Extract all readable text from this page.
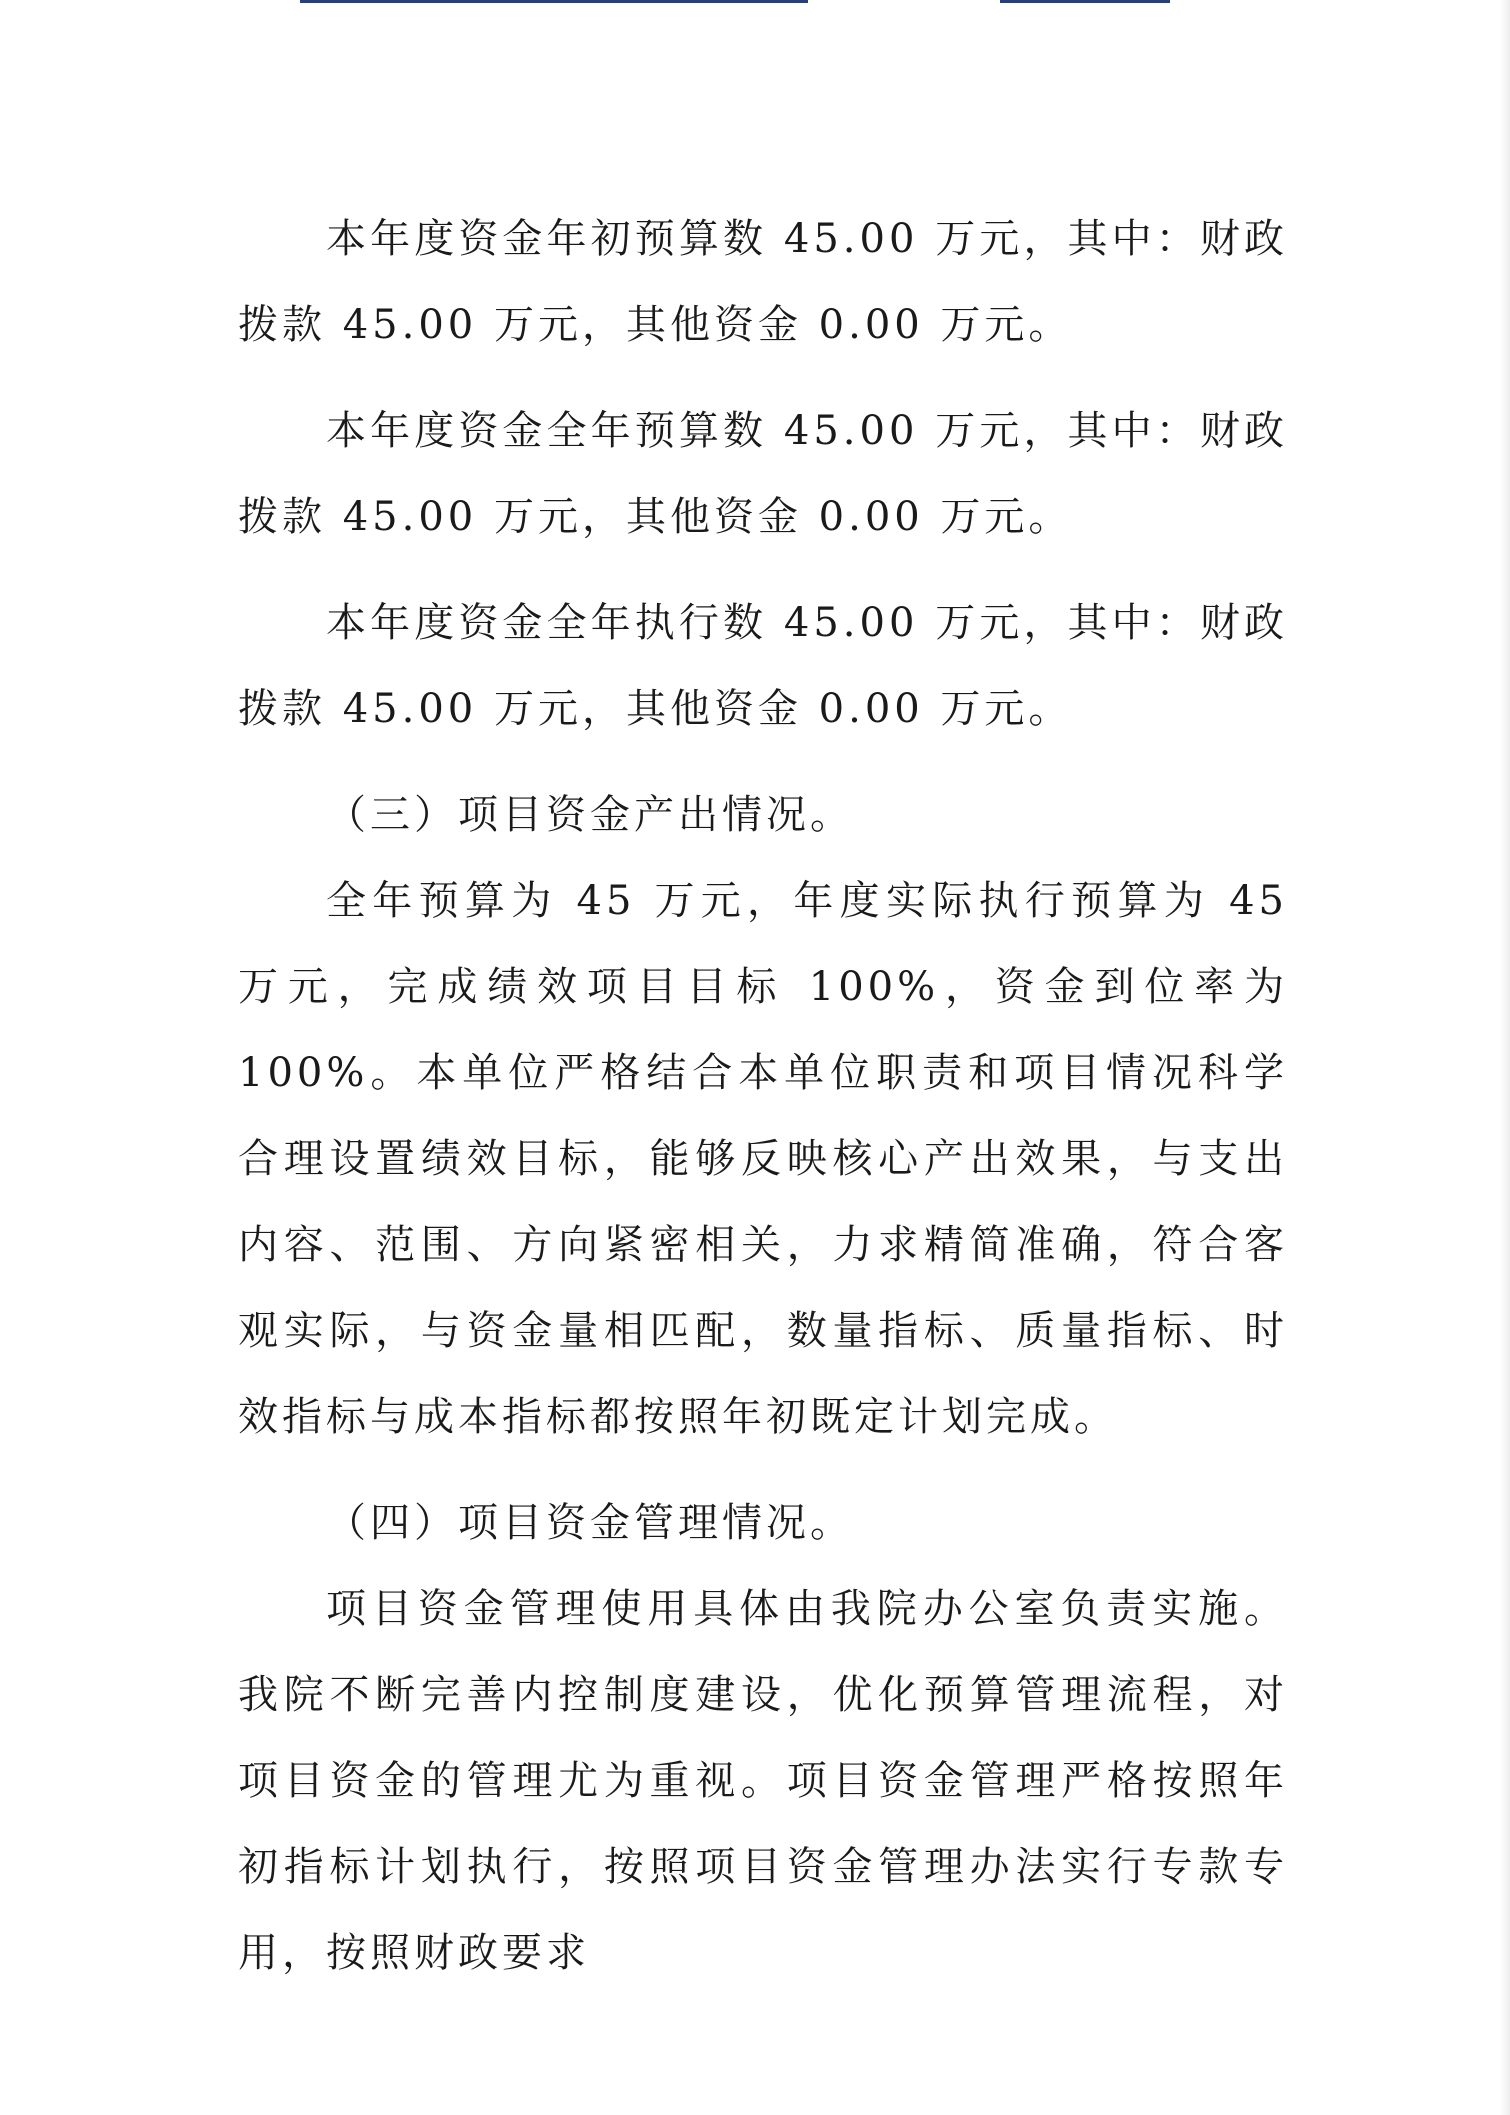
本年度资金年初预算数 45.00 万元，其中：财政拨款 45.00 万元，其他资金 0.00 万元。

本年度资金全年预算数 45.00 万元，其中：财政拨款 45.00 万元，其他资金 0.00 万元。

本年度资金全年执行数 45.00 万元，其中：财政拨款 45.00 万元，其他资金 0.00 万元。

（三）项目资金产出情况。

全年预算为 45 万元，年度实际执行预算为 45 万元，完成绩效项目目标 100%，资金到位率为 100%。本单位严格结合本单位职责和项目情况科学合理设置绩效目标，能够反映核心产出效果，与支出内容、范围、方向紧密相关，力求精简准确，符合客观实际，与资金量相匹配，数量指标、质量指标、时效指标与成本指标都按照年初既定计划完成。

（四）项目资金管理情况。

项目资金管理使用具体由我院办公室负责实施。我院不断完善内控制度建设，优化预算管理流程，对项目资金的管理尤为重视。项目资金管理严格按照年初指标计划执行，按照项目资金管理办法实行专款专用，按照财政要求
